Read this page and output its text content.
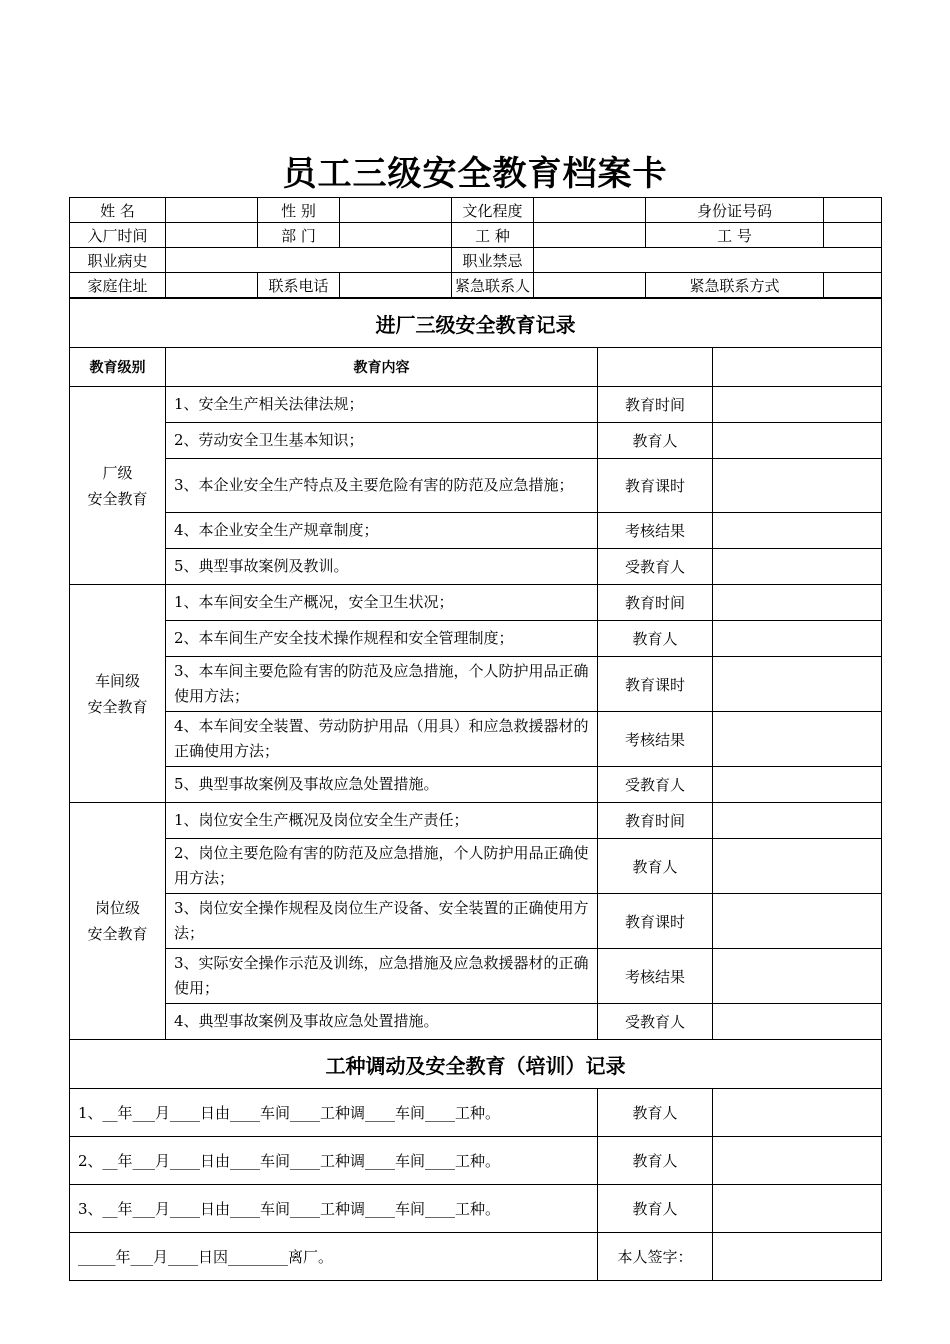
员工三级安全教育档案卡
姓 名		性 别		文化程度		身份证号码	
入厂时间		部 门		工 种		工 号	
职业病史				职业禁忌			
家庭住址		联系电话		紧急联系人		紧急联系方式	
进厂三级安全教育记录			
教育级别	教育内容		

厂级
安全教育	1、安全生产相关法律法规；	教育时间	
	2、劳动安全卫生基本知识；	教育人	
	3、本企业安全生产特点及主要危险有害的防范及应急措施；	教育课时	
	4、本企业安全生产规章制度；	考核结果	
	5、典型事故案例及教训。	受教育人	

车间级
安全教育	1、本车间安全生产概况，安全卫生状况；	教育时间	
	2、本车间生产安全技术操作规程和安全管理制度；	教育人	
	3、本车间主要危险有害的防范及应急措施，个人防护用品正确使用方法；	教育课时	
	4、本车间安全装置、劳动防护用品（用具）和应急救援器材的正确使用方法；	考核结果	
	5、典型事故案例及事故应急处置措施。	受教育人	

岗位级
安全教育	1、岗位安全生产概况及岗位安全生产责任；	教育时间	
	2、岗位主要危险有害的防范及应急措施，个人防护用品正确使用方法；	教育人	
	3、岗位安全操作规程及岗位生产设备、安全装置的正确使用方法；	教育课时	
	3、实际安全操作示范及训练，应急措施及应急救援器材的正确使用；	考核结果	
	4、典型事故案例及事故应急处置措施。	受教育人	
工种调动及安全教育（培训）记录			
1、__年___月____日由____车间____工种调____车间____工种。		教育人	
2、__年___月____日由____车间____工种调____车间____工种。		教育人	
3、__年___月____日由____车间____工种调____车间____工种。		教育人	
_____年___月____日因________离厂。		本人签字：	
